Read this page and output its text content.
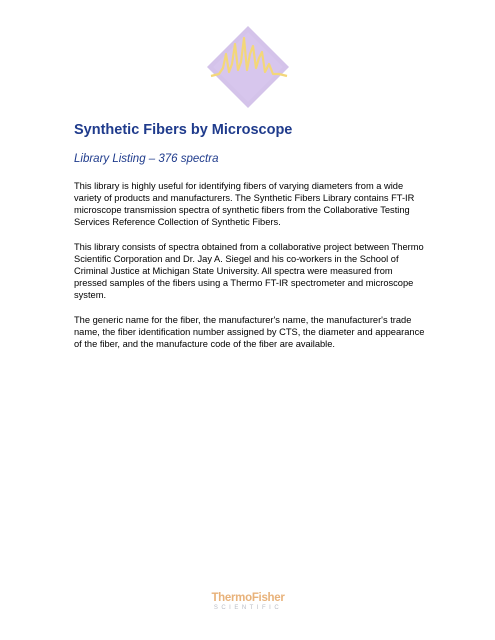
Synthetic Fibers by Microscope
Library Listing – 376 spectra

This library is highly useful for identifying fibers of varying diameters from a wide variety of products and manufacturers. The Synthetic Fibers Library contains FT-IR microscope transmission spectra of synthetic fibers from the Collaborative Testing Services Reference Collection of Synthetic Fibers.

This library consists of spectra obtained from a collaborative project between Thermo Scientific Corporation and Dr. Jay A. Siegel and his co-workers in the School of Criminal Justice at Michigan State University. All spectra were measured from pressed samples of the fibers using a Thermo FT-IR spectrometer and microscope system.

The generic name for the fiber, the manufacturer's name, the manufacturer's trade name, the fiber identification number assigned by CTS, the diameter and appearance of the fiber, and the manufacture code of the fiber are available.

ThermoFisher
SCIENTIFIC
